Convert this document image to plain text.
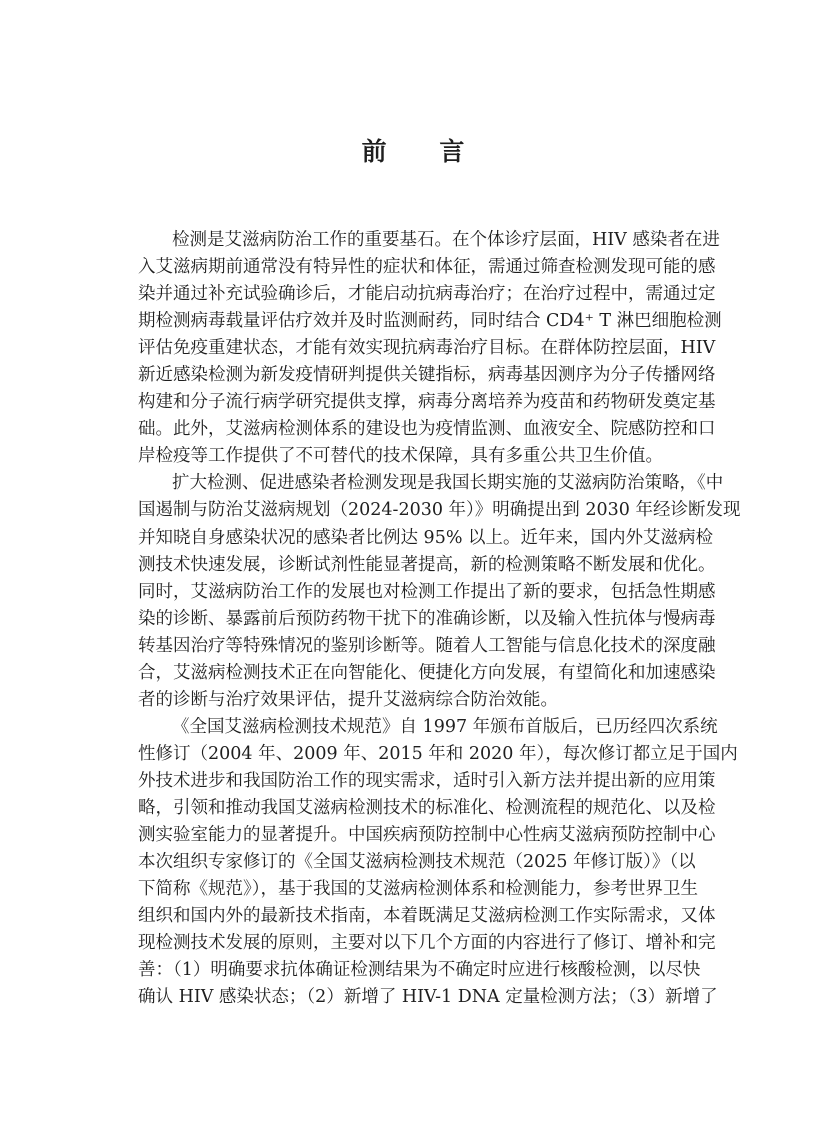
前 言
检测是艾滋病防治工作的重要基石。在个体诊疗层面，HIV 感染者在进
入艾滋病期前通常没有特异性的症状和体征，需通过筛查检测发现可能的感
染并通过补充试验确诊后，才能启动抗病毒治疗；在治疗过程中，需通过定
期检测病毒载量评估疗效并及时监测耐药，同时结合 CD4⁺ T 淋巴细胞检测
评估免疫重建状态，才能有效实现抗病毒治疗目标。在群体防控层面，HIV
新近感染检测为新发疫情研判提供关键指标，病毒基因测序为分子传播网络
构建和分子流行病学研究提供支撑，病毒分离培养为疫苗和药物研发奠定基
础。此外，艾滋病检测体系的建设也为疫情监测、血液安全、院感防控和口
岸检疫等工作提供了不可替代的技术保障，具有多重公共卫生价值。
扩大检测、促进感染者检测发现是我国长期实施的艾滋病防治策略，《中
国遏制与防治艾滋病规划（2024-2030 年）》明确提出到 2030 年经诊断发现
并知晓自身感染状况的感染者比例达 95% 以上。近年来，国内外艾滋病检
测技术快速发展，诊断试剂性能显著提高，新的检测策略不断发展和优化。
同时，艾滋病防治工作的发展也对检测工作提出了新的要求，包括急性期感
染的诊断、暴露前后预防药物干扰下的准确诊断，以及输入性抗体与慢病毒
转基因治疗等特殊情况的鉴别诊断等。随着人工智能与信息化技术的深度融
合，艾滋病检测技术正在向智能化、便捷化方向发展，有望简化和加速感染
者的诊断与治疗效果评估，提升艾滋病综合防治效能。
《全国艾滋病检测技术规范》自 1997 年颁布首版后，已历经四次系统
性修订（2004 年、2009 年、2015 年和 2020 年），每次修订都立足于国内
外技术进步和我国防治工作的现实需求，适时引入新方法并提出新的应用策
略，引领和推动我国艾滋病检测技术的标准化、检测流程的规范化、以及检
测实验室能力的显著提升。中国疾病预防控制中心性病艾滋病预防控制中心
本次组织专家修订的《全国艾滋病检测技术规范（2025 年修订版）》（以
下简称《规范》），基于我国的艾滋病检测体系和检测能力，参考世界卫生
组织和国内外的最新技术指南，本着既满足艾滋病检测工作实际需求，又体
现检测技术发展的原则，主要对以下几个方面的内容进行了修订、增补和完
善：（1）明确要求抗体确证检测结果为不确定时应进行核酸检测，以尽快
确认 HIV 感染状态；（2）新增了 HIV-1 DNA 定量检测方法；（3）新增了
